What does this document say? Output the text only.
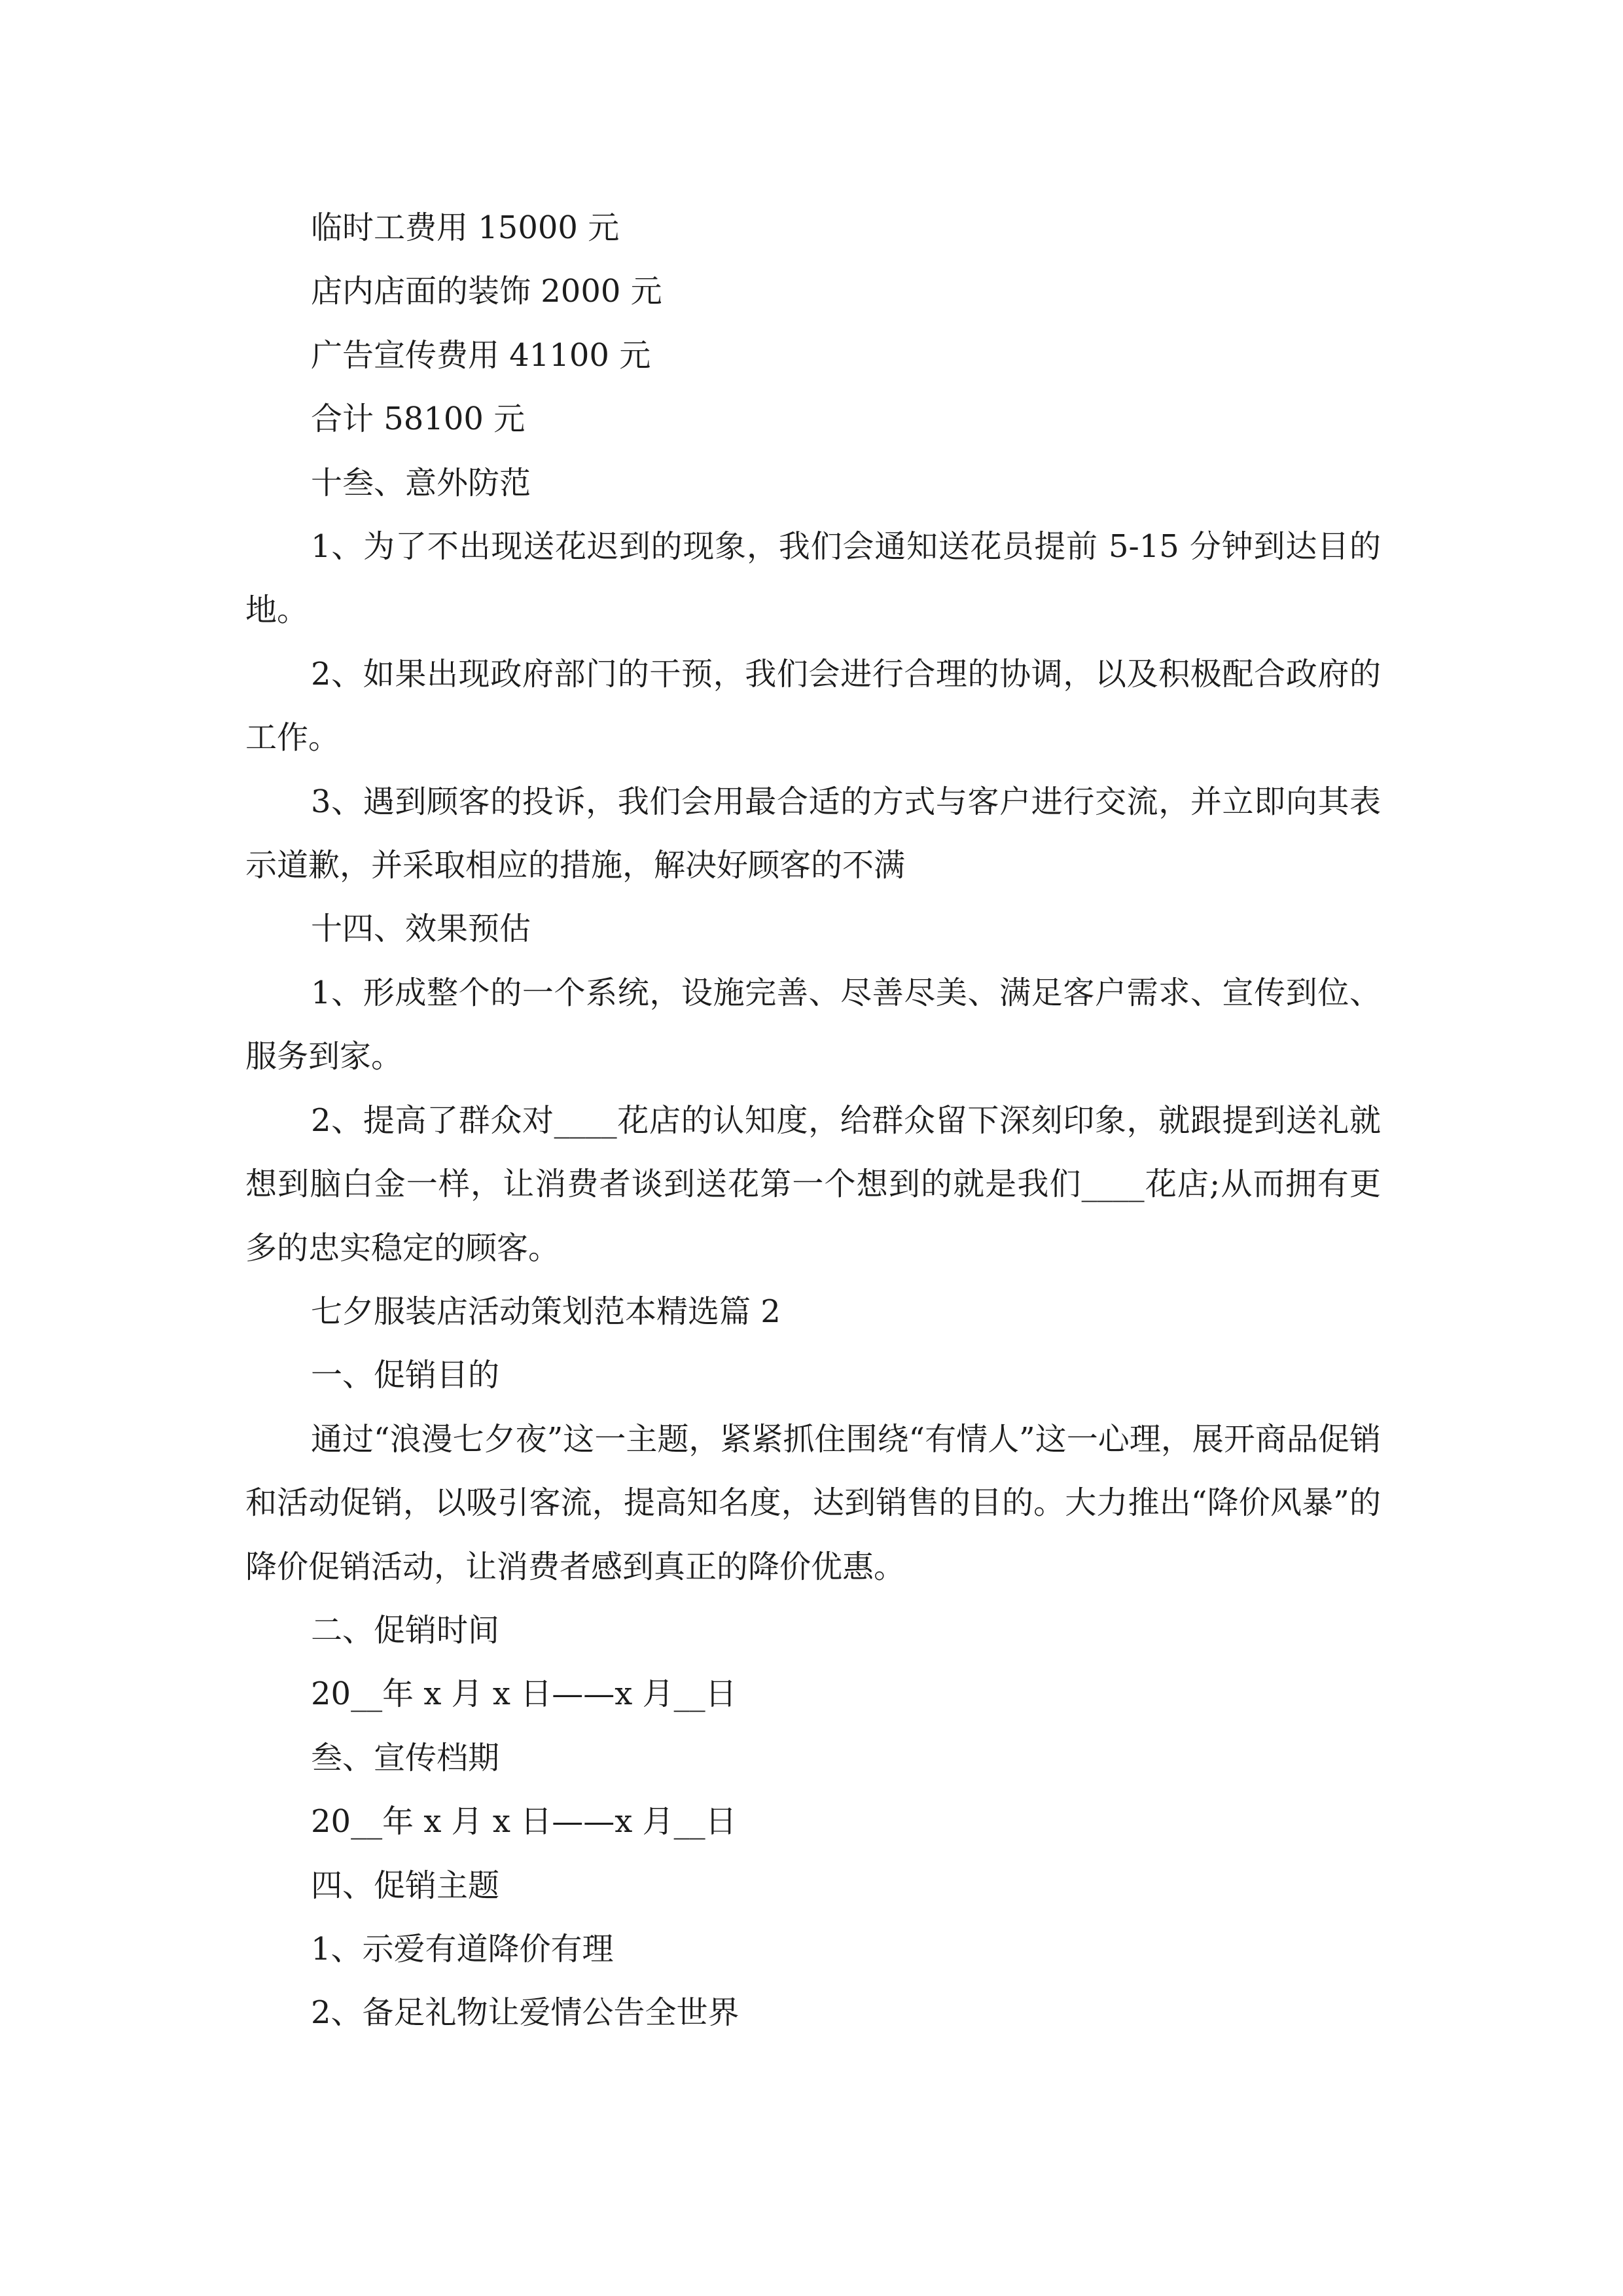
临时工费用 15000 元

店内店面的装饰 2000 元

广告宣传费用 41100 元

合计 58100 元

十叁、意外防范

1、为了不出现送花迟到的现象，我们会通知送花员提前 5-15 分钟到达目的地。

2、如果出现政府部门的干预，我们会进行合理的协调，以及积极配合政府的工作。

3、遇到顾客的投诉，我们会用最合适的方式与客户进行交流，并立即向其表示道歉，并采取相应的措施，解决好顾客的不满

十四、效果预估

1、形成整个的一个系统，设施完善、尽善尽美、满足客户需求、宣传到位、服务到家。

2、提高了群众对____花店的认知度，给群众留下深刻印象，就跟提到送礼就想到脑白金一样，让消费者谈到送花第一个想到的就是我们____花店;从而拥有更多的忠实稳定的顾客。

七夕服装店活动策划范本精选篇 2

一、促销目的

通过“浪漫七夕夜”这一主题，紧紧抓住围绕“有情人”这一心理，展开商品促销和活动促销，以吸引客流，提高知名度，达到销售的目的。大力推出“降价风暴”的降价促销活动，让消费者感到真正的降价优惠。

二、促销时间

20__年 x 月 x 日——x 月__日

叁、宣传档期

20__年 x 月 x 日——x 月__日

四、促销主题

1、示爱有道降价有理

2、备足礼物让爱情公告全世界
